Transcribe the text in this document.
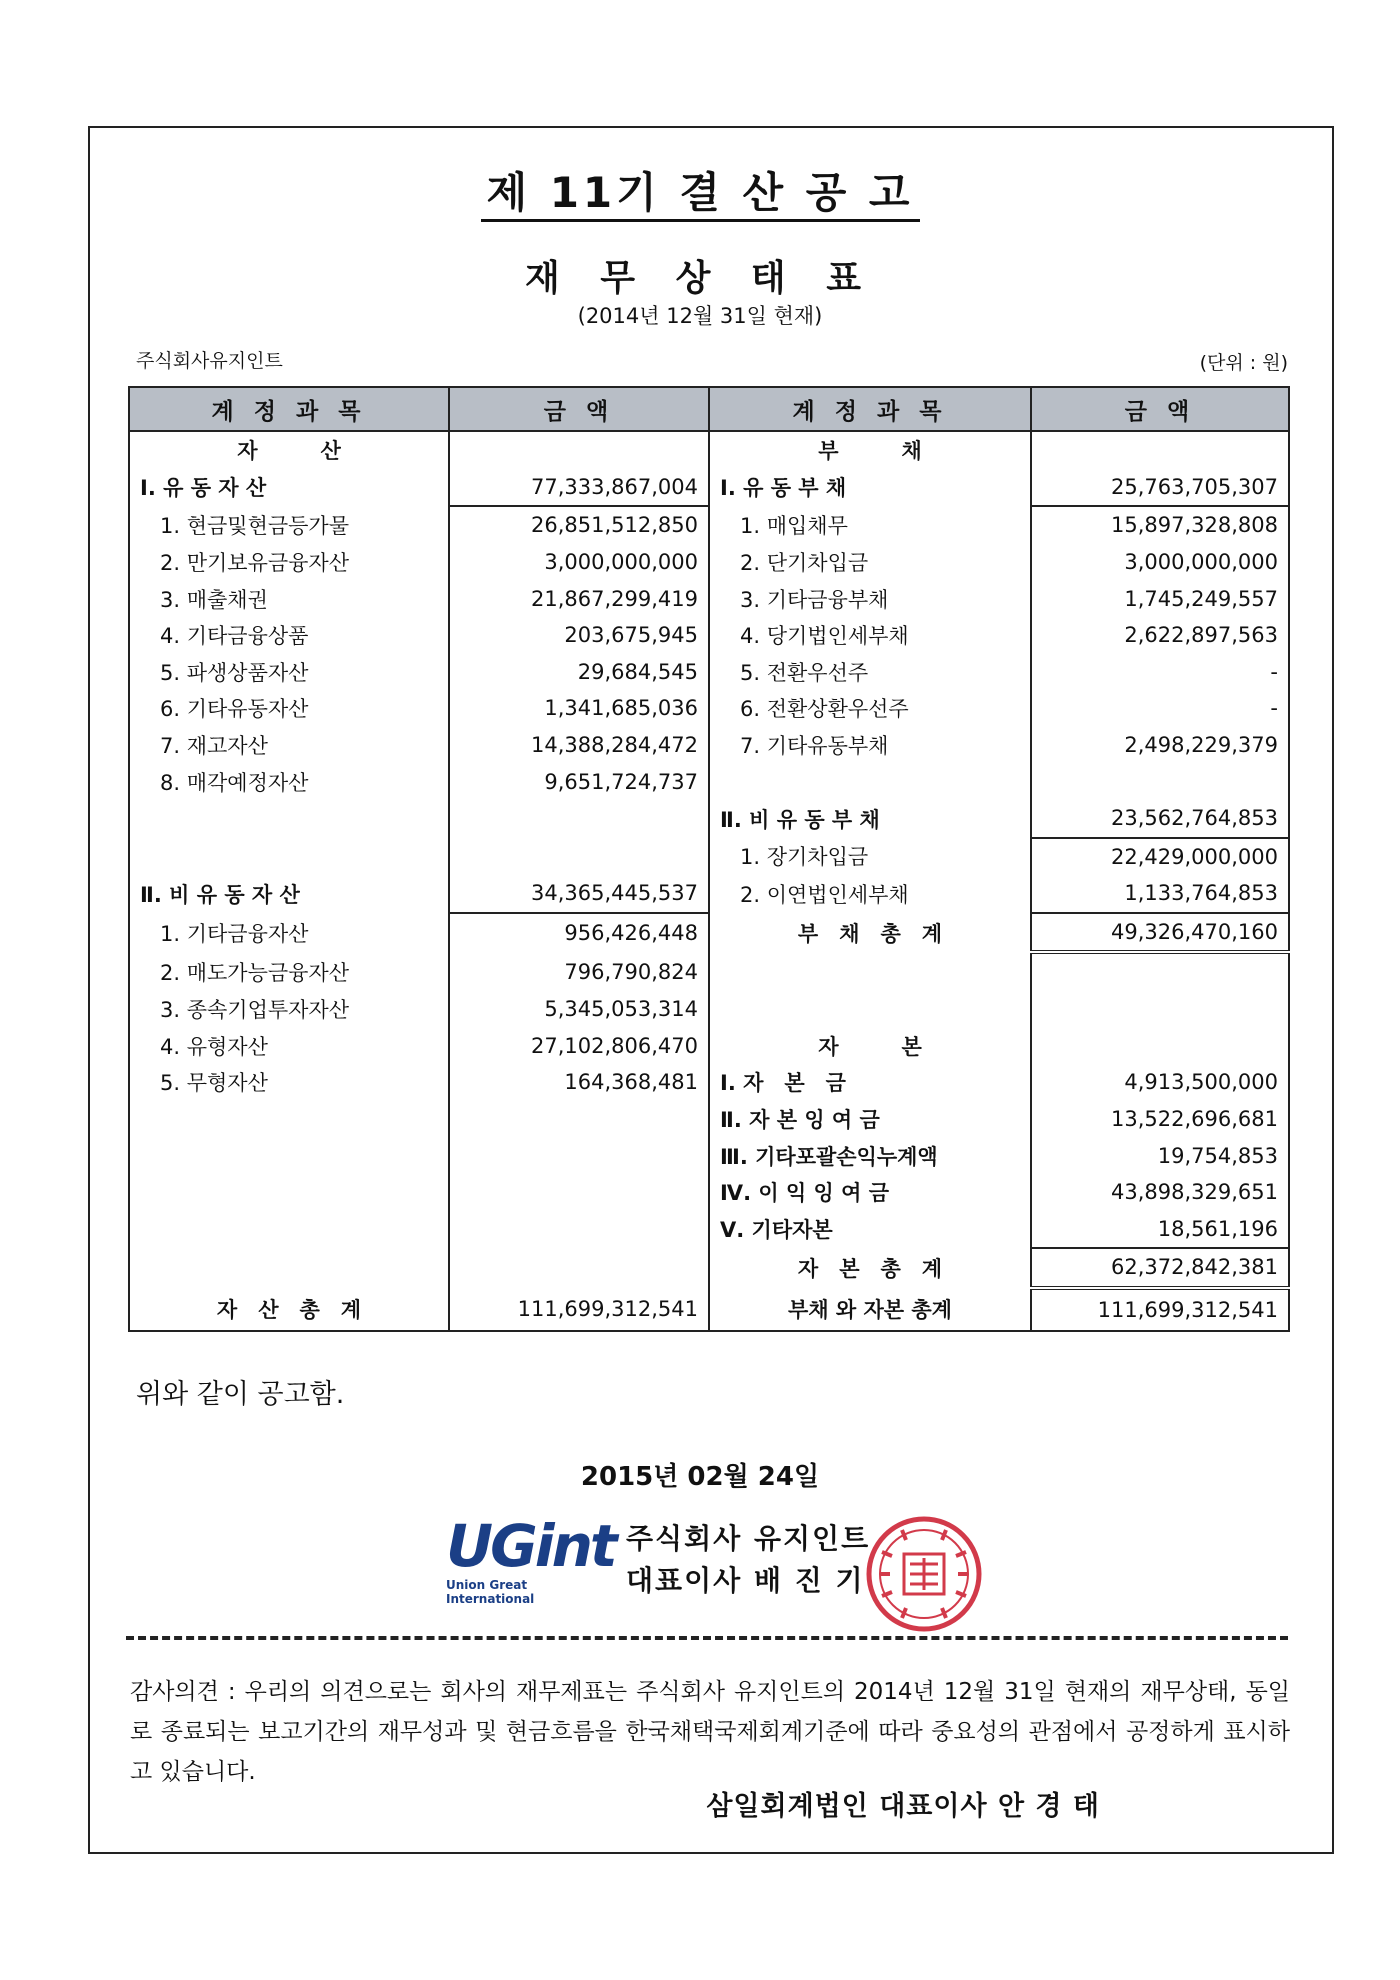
제 11기 결 산 공 고
재 무 상 태 표
(2014년 12월 31일 현재)
주식회사유지인트	(단위 : 원)
계 정 과 목	금 액	계 정 과 목	금 액
자　　　산		부　　　채	
Ⅰ. 유 동 자 산	77,333,867,004	Ⅰ. 유 동 부 채	25,763,705,307
1. 현금및현금등가물	26,851,512,850	1. 매입채무	15,897,328,808
2. 만기보유금융자산	3,000,000,000	2. 단기차입금	3,000,000,000
3. 매출채권	21,867,299,419	3. 기타금융부채	1,745,249,557
4. 기타금융상품	203,675,945	4. 당기법인세부채	2,622,897,563
5. 파생상품자산	29,684,545	5. 전환우선주	-
6. 기타유동자산	1,341,685,036	6. 전환상환우선주	-
7. 재고자산	14,388,284,472	7. 기타유동부채	2,498,229,379
8. 매각예정자산	9,651,724,737		
		Ⅱ. 비 유 동 부 채	23,562,764,853
		1. 장기차입금	22,429,000,000
Ⅱ. 비 유 동 자 산	34,365,445,537	2. 이연법인세부채	1,133,764,853
1. 기타금융자산	956,426,448	부　채　총　계	49,326,470,160
2. 매도가능금융자산	796,790,824		
3. 종속기업투자자산	5,345,053,314		
4. 유형자산	27,102,806,470	자　　　본	
5. 무형자산	164,368,481	Ⅰ. 자　본　금	4,913,500,000
		Ⅱ. 자 본 잉 여 금	13,522,696,681
		Ⅲ. 기타포괄손익누계액	19,754,853
		Ⅳ. 이 익 잉 여 금	43,898,329,651
		Ⅴ. 기타자본	18,561,196
		자　본　총　계	62,372,842,381
자　산　총　계	111,699,312,541	부채 와 자본 총계	111,699,312,541
위와 같이 공고함.
2015년 02월 24일
UGint
Union Great International
주식회사 유지인트
대표이사 배 진 기
감사의견 : 우리의 의견으로는 회사의 재무제표는 주식회사 유지인트의 2014년 12월 31일 현재의 재무상태, 동일로 종료되는 보고기간의 재무성과 및 현금흐름을 한국채택국제회계기준에 따라 중요성의 관점에서 공정하게 표시하고 있습니다.
삼일회계법인 대표이사 안 경 태
